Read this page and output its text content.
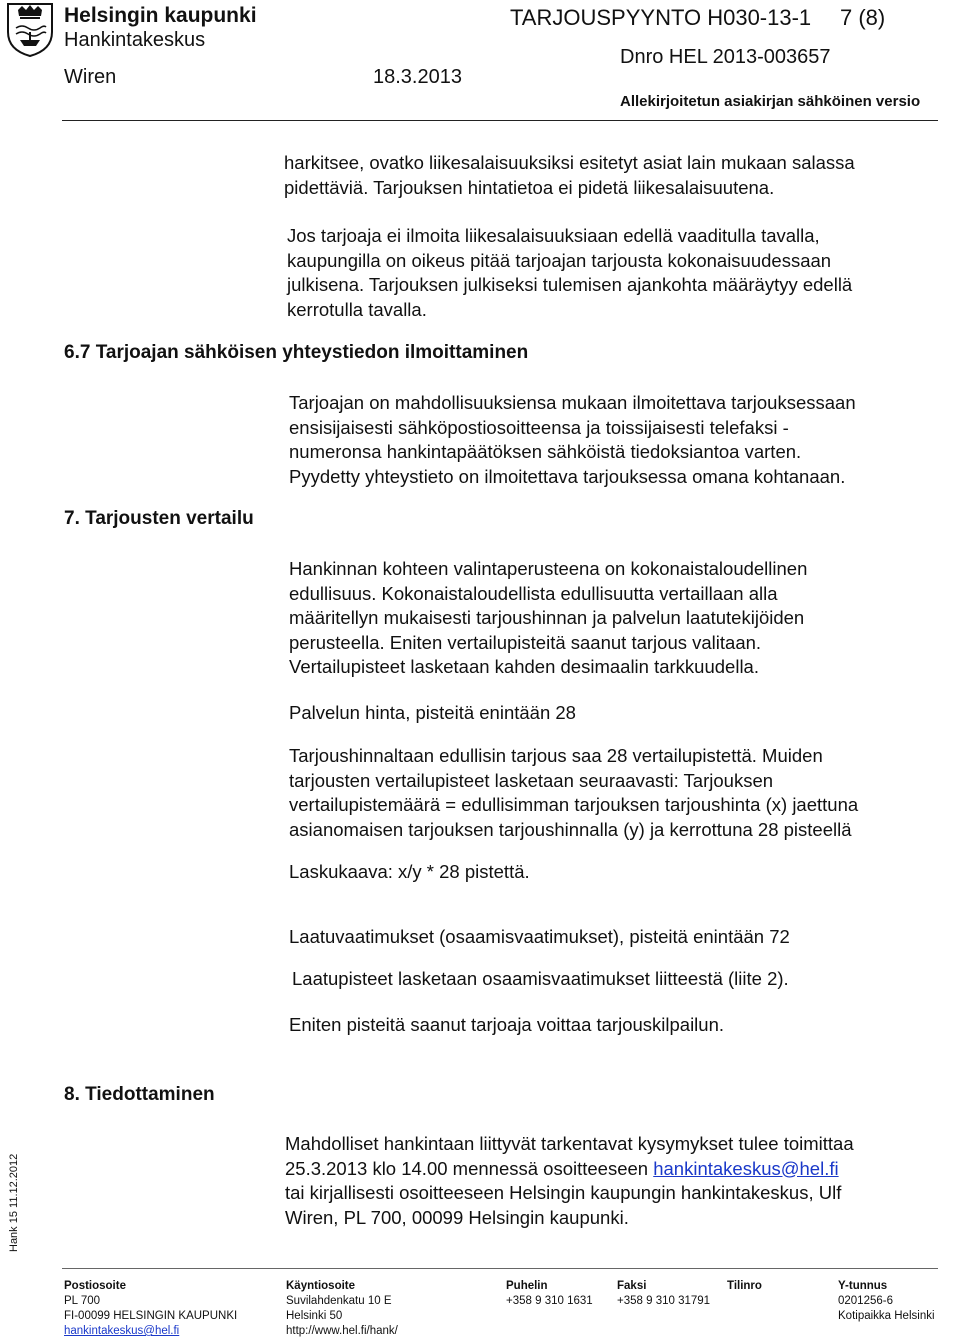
Helsingin kaupunki
Hankintakeskus
Wiren	18.3.2013
TARJOUSPYYNTO H030-13-1 7 (8)
Dnro HEL 2013-003657
Allekirjoitetun asiakirjan sähköinen versio
harkitsee, ovatko liikesalaisuuksiksi esitetyt asiat lain mukaan salassa
pidettäviä. Tarjouksen hintatietoa ei pidetä liikesalaisuutena.
Jos tarjoaja ei ilmoita liikesalaisuuksiaan edellä vaaditulla tavalla,
kaupungilla on oikeus pitää tarjoajan tarjousta kokonaisuudessaan
julkisena. Tarjouksen julkiseksi tulemisen ajankohta määräytyy edellä
kerrotulla tavalla.
6.7 Tarjoajan sähköisen yhteystiedon ilmoittaminen
Tarjoajan on mahdollisuuksiensa mukaan ilmoitettava tarjouksessaan
ensisijaisesti sähköpostiosoitteensa ja toissijaisesti telefaksi -
numeronsa hankintapäätöksen sähköistä tiedoksiantoa varten.
Pyydetty yhteystieto on ilmoitettava tarjouksessa omana kohtanaan.
7. Tarjousten vertailu
Hankinnan kohteen valintaperusteena on kokonaistaloudellinen
edullisuus. Kokonaistaloudellista edullisuutta vertaillaan alla
määritellyn mukaisesti tarjoushinnan ja palvelun laatutekijöiden
perusteella. Eniten vertailupisteitä saanut tarjous valitaan.
Vertailupisteet lasketaan kahden desimaalin tarkkuudella.
Palvelun hinta, pisteitä enintään 28
Tarjoushinnaltaan edullisin tarjous saa 28 vertailupistettä. Muiden
tarjousten vertailupisteet lasketaan seuraavasti: Tarjouksen
vertailupistemäärä = edullisimman tarjouksen tarjoushinta (x) jaettuna
asianomaisen tarjouksen tarjoushinnalla (y) ja kerrottuna 28 pisteellä
Laskukaava: x/y * 28 pistettä.
Laatuvaatimukset (osaamisvaatimukset), pisteitä enintään 72
Laatupisteet lasketaan osaamisvaatimukset liitteestä (liite 2).
Eniten pisteitä saanut tarjoaja voittaa tarjouskilpailun.
8. Tiedottaminen
Mahdolliset hankintaan liittyvät tarkentavat kysymykset tulee toimittaa
25.3.2013 klo 14.00 mennessä osoitteeseen hankintakeskus@hel.fi
tai kirjallisesti osoitteeseen Helsingin kaupungin hankintakeskus, Ulf
Wiren, PL 700, 00099 Helsingin kaupunki.
Hank 15 11.12.2012
Postiosoite
PL 700
FI-00099 HELSINGIN KAUPUNKI
hankintakeskus@hel.fi
Käyntiosoite
Suvilahdenkatu 10 E
Helsinki 50
http://www.hel.fi/hank/
Puhelin
+358 9 310 1631
Faksi
+358 9 310 31791
Tilinro	Y-tunnus
0201256-6
Kotipaikka Helsinki
